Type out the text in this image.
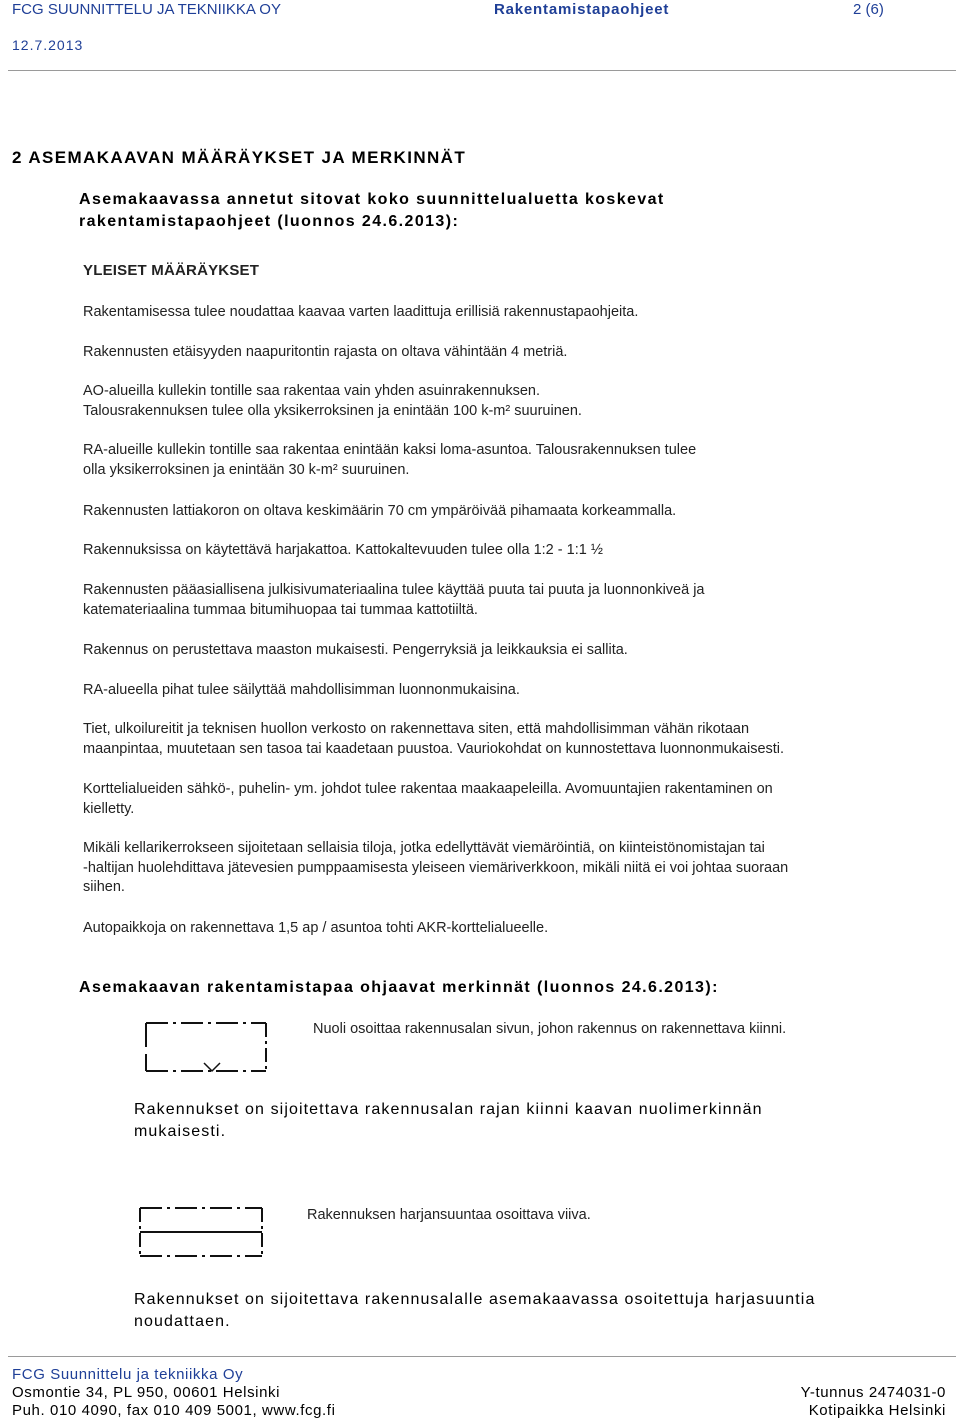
FCG SUUNNITTELU JA TEKNIIKKA OY	Rakentamistapaohjeet	2 (6)
12.7.2013
2 ASEMAKAAVAN MÄÄRÄYKSET JA MERKINNÄT
Asemakaavassa annetut sitovat koko suunnittelualuetta koskevat
rakentamistapaohjeet (luonnos 24.6.2013):
YLEISET MÄÄRÄYKSET
Rakentamisessa tulee noudattaa kaavaa varten laadittuja erillisiä rakennustapaohjeita.
Rakennusten etäisyyden naapuritontin rajasta on oltava vähintään 4 metriä.
AO-alueilla kullekin tontille saa rakentaa vain yhden asuinrakennuksen.
Talousrakennuksen tulee olla yksikerroksinen ja enintään 100 k-m² suuruinen.
RA-alueille kullekin tontille saa rakentaa enintään kaksi loma-asuntoa. Talousrakennuksen tulee
olla yksikerroksinen ja enintään 30 k-m² suuruinen.
Rakennusten lattiakoron on oltava keskimäärin 70 cm ympäröivää pihamaata korkeammalla.
Rakennuksissa on käytettävä harjakattoa. Kattokaltevuuden tulee olla 1:2 - 1:1 ½
Rakennusten pääasiallisena julkisivumateriaalina tulee käyttää puuta tai puuta ja luonnonkiveä ja
katemateriaalina tummaa bitumihuopaa tai tummaa kattotiiltä.
Rakennus on perustettava maaston mukaisesti. Pengerryksiä ja leikkauksia ei sallita.
RA-alueella pihat tulee säilyttää mahdollisimman luonnonmukaisina.
Tiet, ulkoilureitit ja teknisen huollon verkosto on rakennettava siten, että mahdollisimman vähän rikotaan
maanpintaa, muutetaan sen tasoa tai kaadetaan puustoa. Vauriokohdat on kunnostettava luonnonmukaisesti.
Korttelialueiden sähkö-, puhelin- ym. johdot tulee rakentaa maakaapeleilla. Avomuuntajien rakentaminen on
kielletty.
Mikäli kellarikerrokseen sijoitetaan sellaisia tiloja, jotka edellyttävät viemäröintiä, on kiinteistönomistajan tai
-haltijan huolehdittava jätevesien pumppaamisesta yleiseen viemäriverkkoon, mikäli niitä ei voi johtaa suoraan
siihen.
Autopaikkoja on rakennettava 1,5 ap / asuntoa tohti AKR-korttelialueelle.
Asemakaavan rakentamistapaa ohjaavat merkinnät (luonnos 24.6.2013):
Nuoli osoittaa rakennusalan sivun, johon rakennus on rakennettava kiinni.
Rakennukset on sijoitettava rakennusalan rajan kiinni kaavan nuolimerkinnän
mukaisesti.
Rakennuksen harjansuuntaa osoittava viiva.
Rakennukset on sijoitettava rakennusalalle asemakaavassa osoitettuja harjasuuntia
noudattaen.
FCG Suunnittelu ja tekniikka Oy
Osmontie 34, PL 950, 00601 Helsinki
Puh. 010 4090, fax 010 409 5001, www.fcg.fi
Y-tunnus 2474031-0
Kotipaikka Helsinki
